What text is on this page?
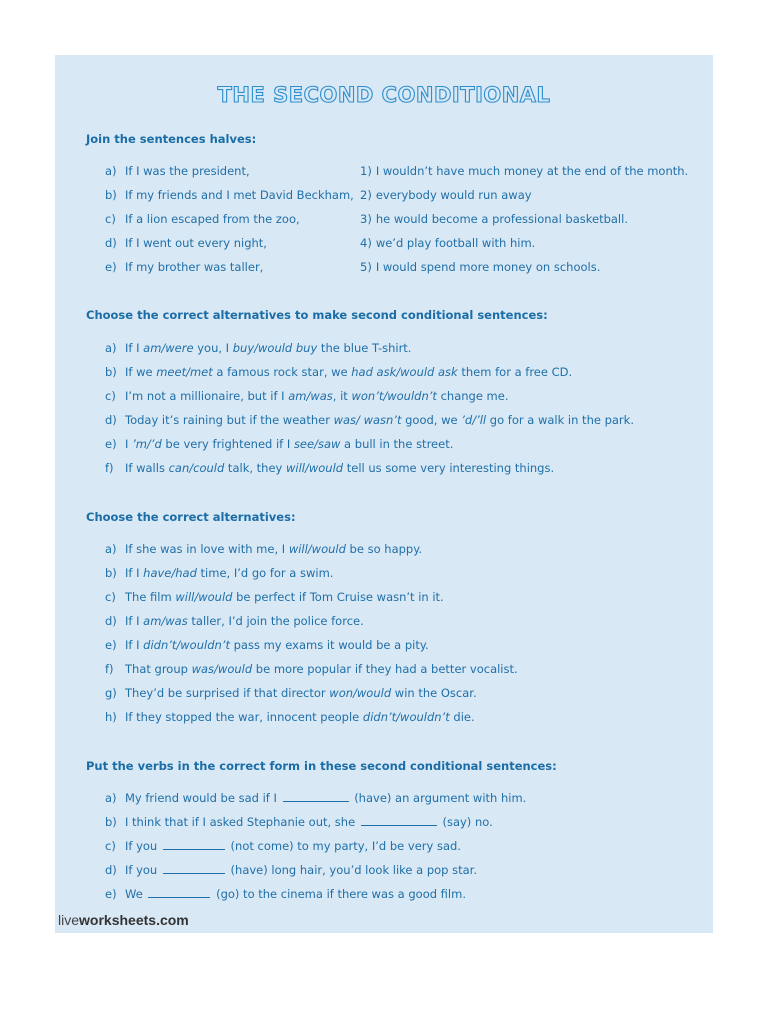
THE SECOND CONDITIONAL
Join the sentences halves:
a) If I was the president,	1) I wouldn’t have much money at the end of the month.
b) If my friends and I met David Beckham, 2) everybody would run away
c) If a lion escaped from the zoo,	3) he would become a professional basketball.
d) If I went out every night,	4) we’d play football with him.
e) If my brother was taller,	5) I would spend more money on schools.
Choose the correct alternatives to make second conditional sentences:
a) If I am/were you, I buy/would buy the blue T-shirt.
b) If we meet/met a famous rock star, we had ask/would ask them for a free CD.
c) I’m not a millionaire, but if I am/was, it won’t/wouldn’t change me.
d) Today it’s raining but if the weather was/ wasn’t good, we ’d/’ll go for a walk in the park.
e) I ’m/’d be very frightened if I see/saw a bull in the street.
f) If walls can/could talk, they will/would tell us some very interesting things.
Choose the correct alternatives:
a) If she was in love with me, I will/would be so happy.
b) If I have/had time, I’d go for a swim.
c) The film will/would be perfect if Tom Cruise wasn’t in it.
d) If I am/was taller, I’d join the police force.
e) If I didn’t/wouldn’t pass my exams it would be a pity.
f) That group was/would be more popular if they had a better vocalist.
g) They’d be surprised if that director won/would win the Oscar.
h) If they stopped the war, innocent people didn’t/wouldn’t die.
Put the verbs in the correct form in these second conditional sentences:
a) My friend would be sad if I	(have) an argument with him.
b) I think that if I asked Stephanie out, she	(say) no.
c) If you	(not come) to my party, I’d be very sad.
d) If you	(have) long hair, you’d look like a pop star.
e) We	(go) to the cinema if there was a good film.
liveworksheets.com
